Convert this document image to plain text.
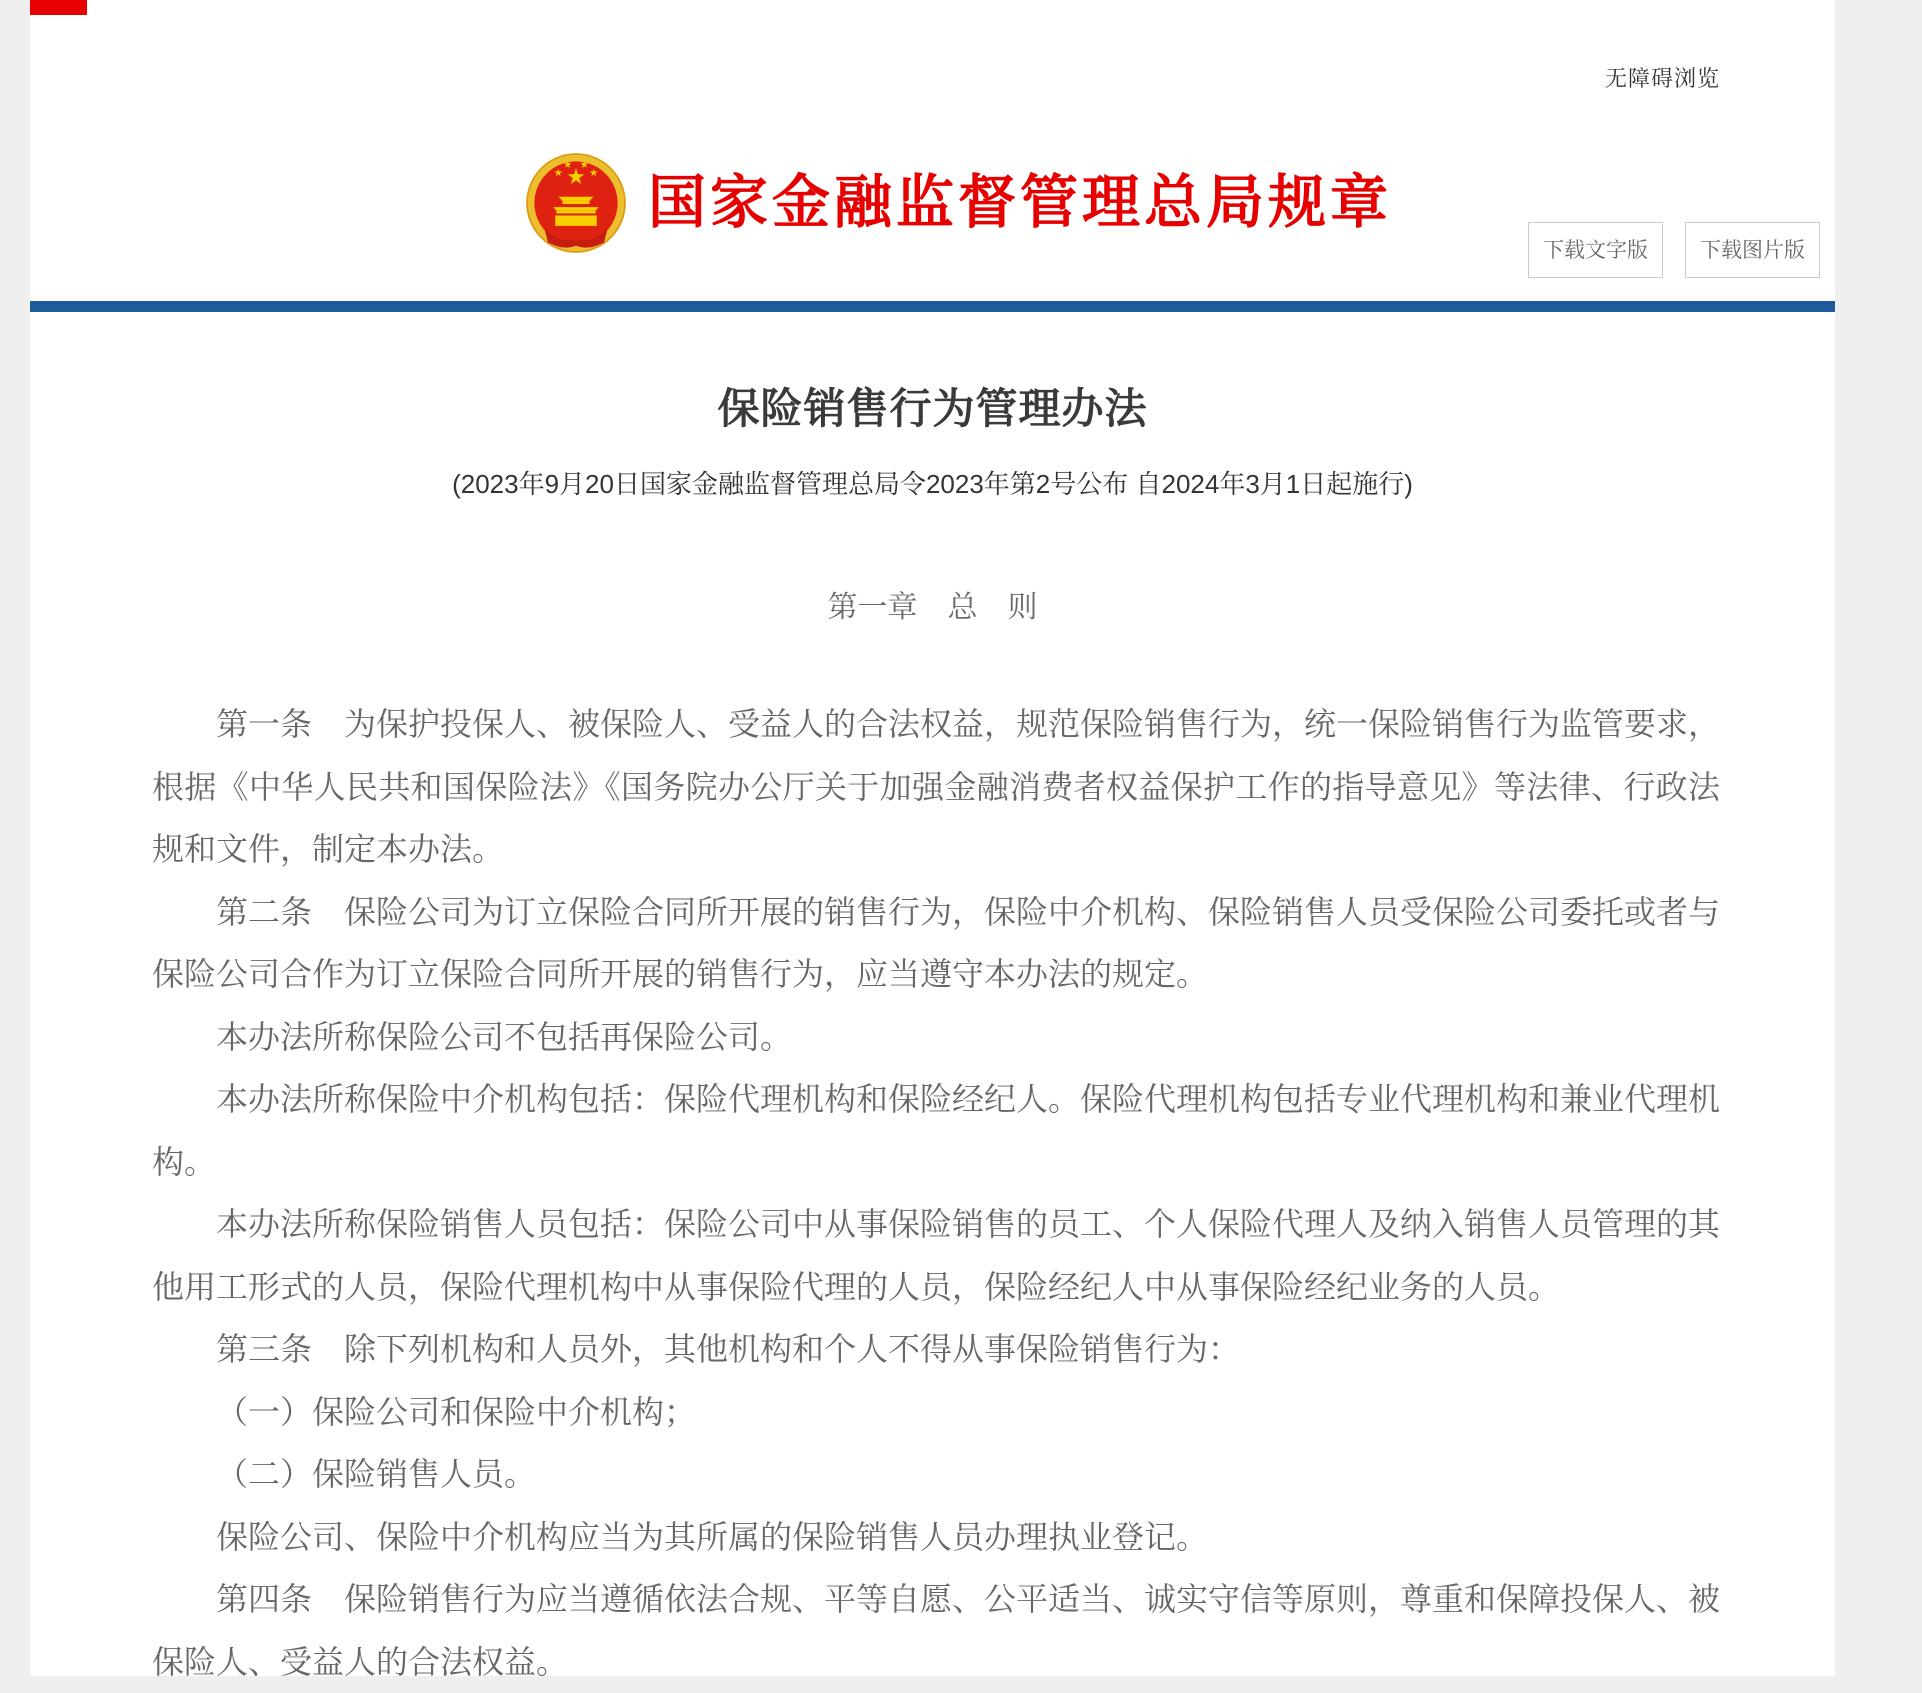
无障碍浏览
国家金融监督管理总局规章
下载文字版	下载图片版
保险销售行为管理办法
(2023年9月20日国家金融监督管理总局令2023年第2号公布 自2024年3月1日起施行)
第一章　总　则

第一条　为保护投保人、被保险人、受益人的合法权益，规范保险销售行为，统一保险销售行为监管要求，根据《中华人民共和国保险法》《国务院办公厅关于加强金融消费者权益保护工作的指导意见》等法律、行政法规和文件，制定本办法。

第二条　保险公司为订立保险合同所开展的销售行为，保险中介机构、保险销售人员受保险公司委托或者与保险公司合作为订立保险合同所开展的销售行为，应当遵守本办法的规定。

本办法所称保险公司不包括再保险公司。

本办法所称保险中介机构包括：保险代理机构和保险经纪人。保险代理机构包括专业代理机构和兼业代理机构。

本办法所称保险销售人员包括：保险公司中从事保险销售的员工、个人保险代理人及纳入销售人员管理的其他用工形式的人员，保险代理机构中从事保险代理的人员，保险经纪人中从事保险经纪业务的人员。

第三条　除下列机构和人员外，其他机构和个人不得从事保险销售行为：

（一）保险公司和保险中介机构；

（二）保险销售人员。

保险公司、保险中介机构应当为其所属的保险销售人员办理执业登记。

第四条　保险销售行为应当遵循依法合规、平等自愿、公平适当、诚实守信等原则，尊重和保障投保人、被保险人、受益人的合法权益。
